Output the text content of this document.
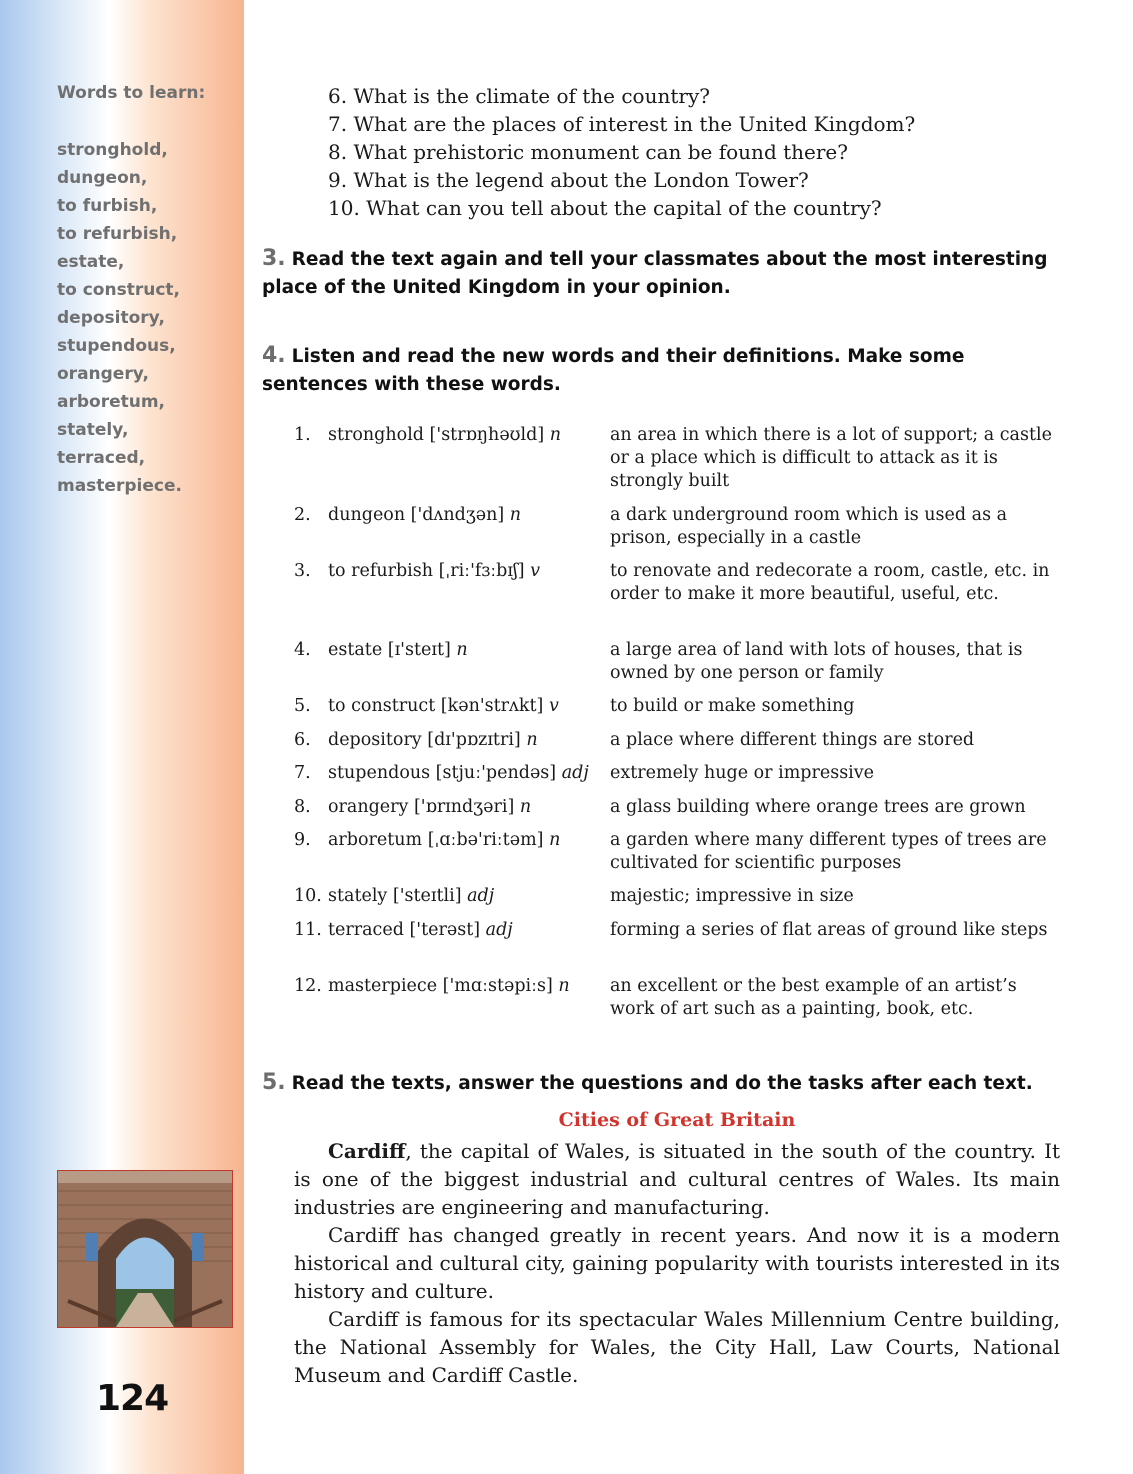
Words to learn:
stronghold,
dungeon,
to furbish,
to refurbish,
estate,
to construct,
depository,
stupendous,
orangery,
arboretum,
stately,
terraced,
masterpiece.
124
6. What is the climate of the country?
7. What are the places of interest in the United Kingdom?
8. What prehistoric monument can be found there?
9. What is the legend about the London Tower?
10. What can you tell about the capital of the country?
3. Read the text again and tell your classmates about the most interesting place of the United Kingdom in your opinion.
4. Listen and read the new words and their definitions. Make some sentences with these words.
1. stronghold ['strɒŋhəʊld] n	an area in which there is a lot of support; a castle or a place which is difficult to attack as it is strongly built
2. dungeon ['dʌndʒən] n	a dark underground room which is used as a prison, especially in a castle
3. to refurbish [ˌriː'fɜːbɪʃ] v	to renovate and redecorate a room, castle, etc. in order to make it more beautiful, useful, etc.
4. estate [ɪ'steɪt] n	a large area of land with lots of houses, that is owned by one person or family
5. to construct [kən'strʌkt] v	to build or make something
6. depository [dɪ'pɒzɪtri] n	a place where different things are stored
7. stupendous [stjuː'pendəs] adj	extremely huge or impressive
8. orangery ['ɒrɪndʒəri] n	a glass building where orange trees are grown
9. arboretum [ˌɑːbə'riːtəm] n	a garden where many different types of trees are cultivated for scientific purposes
10. stately ['steɪtli] adj	majestic; impressive in size
11. terraced ['terəst] adj	forming a series of flat areas of ground like steps
12. masterpiece ['mɑːstəpiːs] n	an excellent or the best example of an artist’s work of art such as a painting, book, etc.
5. Read the texts, answer the questions and do the tasks after each text.
Cities of Great Britain

Cardiff, the capital of Wales, is situated in the south of the country. It is one of the biggest industrial and cultural centres of Wales. Its main industries are engineering and manufacturing.

Cardiff has changed greatly in recent years. And now it is a modern historical and cultural city, gaining popularity with tourists interested in its history and culture.

Cardiff is famous for its spectacular Wales Millennium Centre building, the National Assembly for Wales, the City Hall, Law Courts, National Museum and Cardiff Castle.
